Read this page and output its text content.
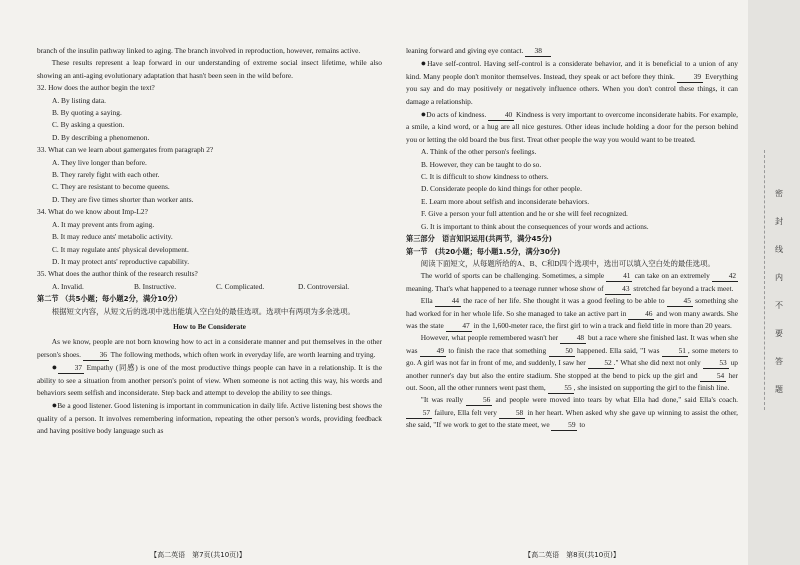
branch of the insulin pathway linked to aging. The branch involved in reproduction, however, remains active.

These results represent a leap forward in our understanding of extreme social insect lifetime, while also showing an anti-aging evolutionary adaptation that hasn't been seen in the wild before.

32. How does the author begin the text?

A. By listing data.

B. By quoting a saying.

C. By asking a question.

D. By describing a phenomenon.

33. What can we learn about gamergates from paragraph 2?

A. They live longer than before.

B. They rarely fight with each other.

C. They are resistant to become queens.

D. They are five times shorter than worker ants.

34. What do we know about Imp-L2?

A. It may prevent ants from aging.

B. It may reduce ants' metabolic activity.

C. It may regulate ants' physical development.

D. It may protect ants' reproductive capability.

35. What does the author think of the research results?

A. Invalid.	B. Instructive.	C. Complicated.	D. Controversial.

第二节 （共5小题；每小题2分，满分10分）

根据短文内容，从短文后的选项中选出能填入空白处的最佳选项。选项中有两项为多余选项。

How to Be Considerate

As we know, people are not born knowing how to act in a considerate manner and put themselves in the other person's shoes.	36 The following methods, which often work in everyday life, are worth learning and trying.

● 37 Empathy (同感) is one of the most productive things people can have in a relationship. It is the ability to see a situation from another person's point of view. When someone is not acting this way, his words and behaviors seem selfish and inconsiderate. Step back and attempt to develop the ability to see things.

●Be a good listener. Good listening is important in communication in daily life. Active listening best shows the quality of a person. It involves remembering information, repeating the other person's words, providing feedback and having positive body language such as

【高二英语　第7页(共10页)】

leaning forward and giving eye contact. 38

●Have self-control. Having self-control is a considerate behavior, and it is beneficial to a union of any kind. Many people don't monitor themselves. Instead, they speak or act before they think.	39 Everything you say and do may positively or negatively influence others. When you don't control these things, it can damage a relationship.

●Do acts of kindness.	40 Kindness is very important to overcome inconsiderate habits. For example, a smile, a kind word, or a hug are all nice gestures. Other ideas include holding a door for the person behind you or letting the old board the bus first. Treat other people the way you would want to be treated.

A. Think of the other person's feelings.

B. However, they can be taught to do so.

C. It is difficult to show kindness to others.

D. Considerate people do kind things for other people.

E. Learn more about selfish and inconsiderate behaviors.

F. Give a person your full attention and he or she will feel recognized.

G. It is important to think about the consequences of your words and actions.

第三部分　语言知识运用(共两节，满分45分)

第一节　(共20小题；每小题1.5分，满分30分)

阅读下面短文，从每题所给的A、B、C和D四个选项中，选出可以填入空白处的最佳选项。

The world of sports can be challenging. Sometimes, a simple	41 can take on an extremely	42 meaning. That's what happened to a teenage runner whose show of	43 stretched far beyond a track meet.

Ella	44 the race of her life. She thought it was a good feeling to be able to	45 something she had worked for in her whole life. So she managed to take an active part in	46 and won many awards. She was the state	47 in the 1,600-meter race, the first girl to win a track and field title in more than 20 years.

However, what people remembered wasn't her	48 but a race where she finished last. It was when she was	49 to finish the race that something	50 happened. Ella said, "I was	51 , some meters to go. A girl was not far in front of me, and suddenly, I saw her	52 ." What she did next not only	53 up another runner's day but also the entire stadium. She stopped at the bend to pick up the girl and	54 her out. Soon, all the other runners went past them,	55 , she insisted on supporting the girl to the finish line.

"It was really	56 and people were moved into tears by what Ella had done," said Ella's coach. 57 failure, Ella felt very	58 in her heart. When asked why she gave up winning to assist the other, she said, "If we work to get to the state meet, we	59 to

【高二英语　第8页(共10页)】
密
封
线
内
不
要
答
题
